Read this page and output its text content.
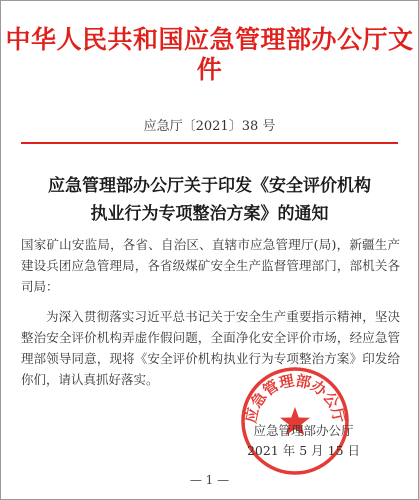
中华人民共和国应急管理部办公厅文件
应急厅〔2021〕38 号
应急管理部办公厅关于印发《安全评价机构
执业行为专项整治方案》的通知
国家矿山安监局，各省、自治区、直辖市应急管理厅(局)，新疆生产建设兵团应急管理局，各省级煤矿安全生产监督管理部门，部机关各司局：
为深入贯彻落实习近平总书记关于安全生产重要指示精神，坚决整治安全评价机构弄虚作假问题，全面净化安全评价市场，经应急管理部领导同意，现将《安全评价机构执业行为专项整治方案》印发给你们，请认真抓好落实。
应急管理部办公厅
应急管理部办公厅
2021 年 5 月 15 日
— 1 —
